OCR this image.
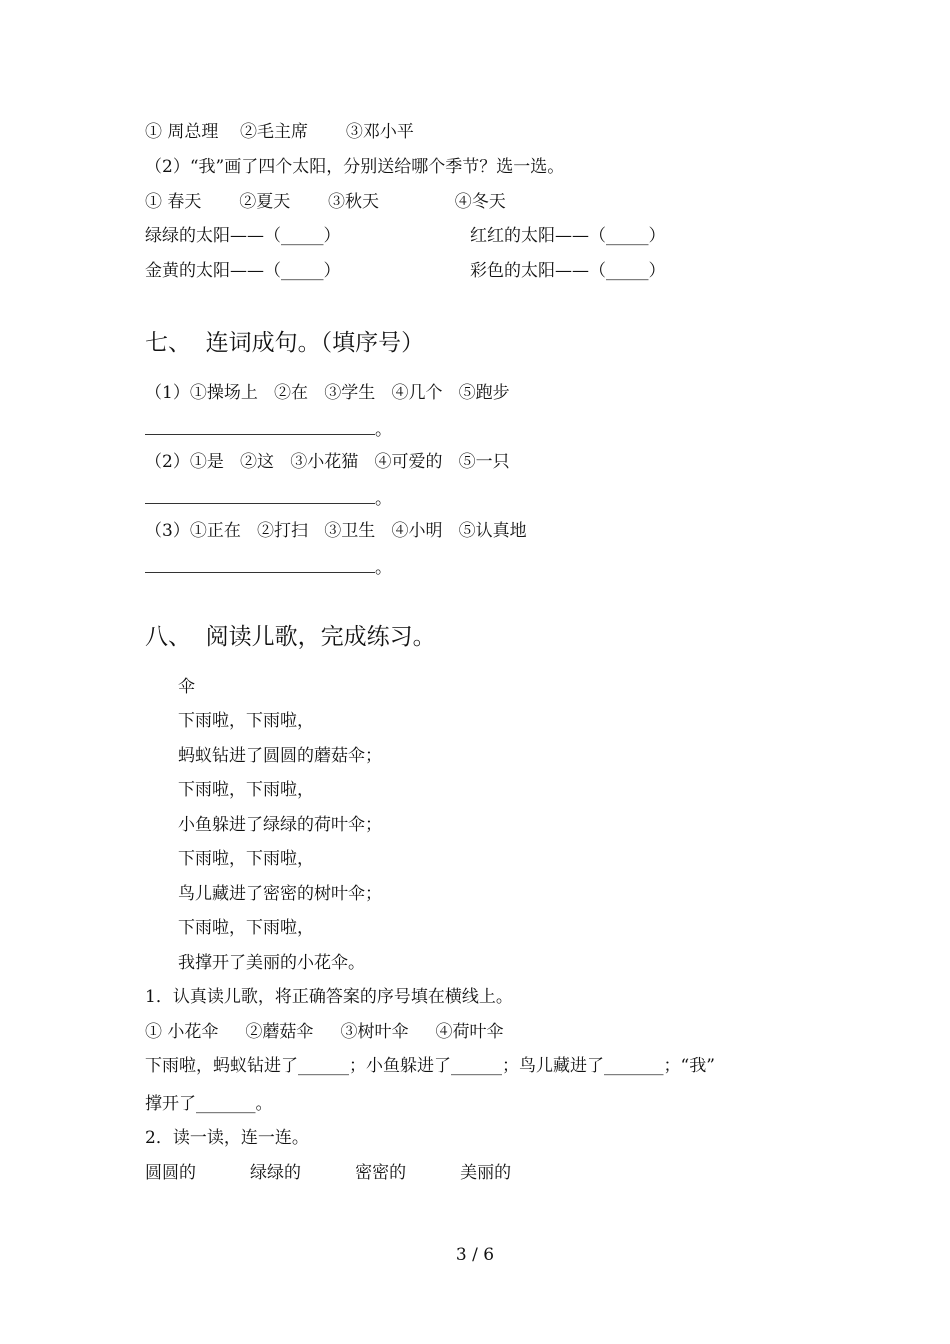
① 周总理    ②毛主席       ③邓小平
（2）“我”画了四个太阳，分别送给哪个季节？选一选。
① 春天       ②夏天       ③秋天              ④冬天
绿绿的太阳——（_____）	红红的太阳——（_____）
金黄的太阳——（_____）	彩色的太阳——（_____）
七、  连词成句。（填序号）
（1）①操场上   ②在   ③学生   ④几个   ⑤跑步
。
（2）①是   ②这   ③小花猫   ④可爱的   ⑤一只
。
（3）①正在   ②打扫   ③卫生   ④小明   ⑤认真地
。
八、  阅读儿歌，完成练习。
伞
下雨啦，下雨啦，
蚂蚁钻进了圆圆的蘑菇伞；
下雨啦，下雨啦，
小鱼躲进了绿绿的荷叶伞；
下雨啦，下雨啦，
鸟儿藏进了密密的树叶伞；
下雨啦，下雨啦，
我撑开了美丽的小花伞。
1．认真读儿歌，将正确答案的序号填在横线上。
① 小花伞     ②蘑菇伞     ③树叶伞     ④荷叶伞
下雨啦，蚂蚁钻进了______；小鱼躲进了______；鸟儿藏进了_______；“我”
撑开了_______。
2．读一读，连一连。
圆圆的          绿绿的          密密的          美丽的
3 / 6
